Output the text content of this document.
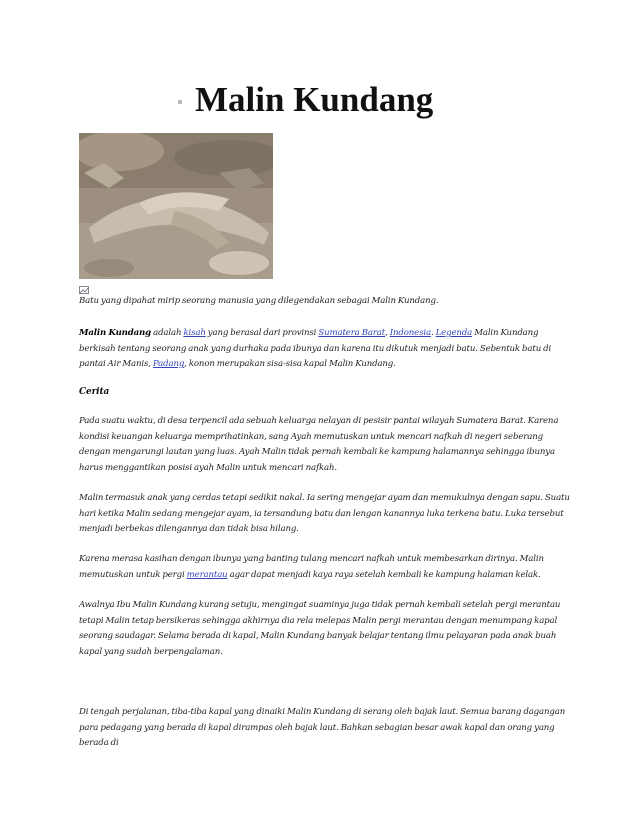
Malin Kundang
Batu yang dipahat mirip seorang manusia yang dilegendakan sebagai Malin Kundang.

Malin Kundang adalah kisah yang berasal dari provinsi Sumatera Barat, Indonesia. Legenda Malin Kundang berkisah tentang seorang anak yang durhaka pada ibunya dan karena itu dikutuk menjadi batu. Sebentuk batu di pantai Air Manis, Padang, konon merupakan sisa-sisa kapal Malin Kundang.

Cerita

Pada suatu waktu, di desa terpencil ada sebuah keluarga nelayan di pesisir pantai wilayah Sumatera Barat. Karena kondisi keuangan keluarga memprihatinkan, sang Ayah memutuskan untuk mencari nafkah di negeri seberang dengan mengarungi lautan yang luas. Ayah Malin tidak pernah kembali ke kampung halamannya sehingga ibunya harus menggantikan posisi ayah Malin untuk mencari nafkah.

Malin termasuk anak yang cerdas tetapi sedikit nakal. Ia sering mengejar ayam dan memukulnya dengan sapu. Suatu hari ketika Malin sedang mengejar ayam, ia tersandung batu dan lengan kanannya luka terkena batu. Luka tersebut menjadi berbekas dilengannya dan tidak bisa hilang.

Karena merasa kasihan dengan ibunya yang banting tulang mencari nafkah untuk membesarkan dirinya. Malin memutuskan untuk pergi merantau agar dapat menjadi kaya raya setelah kembali ke kampung halaman kelak.

Awalnya Ibu Malin Kundang kurang setuju, mengingat suaminya juga tidak pernah kembali setelah pergi merantau tetapi Malin tetap bersikeras sehingga akhirnya dia rela melepas Malin pergi merantau dengan menumpang kapal seorang saudagar. Selama berada di kapal, Malin Kundang banyak belajar tentang ilmu pelayaran pada anak buah kapal yang sudah berpengalaman.

Di tengah perjalanan, tiba-tiba kapal yang dinaiki Malin Kundang di serang oleh bajak laut. Semua barang dagangan para pedagang yang berada di kapal dirampas oleh bajak laut. Bahkan sebagian besar awak kapal dan orang yang berada di
